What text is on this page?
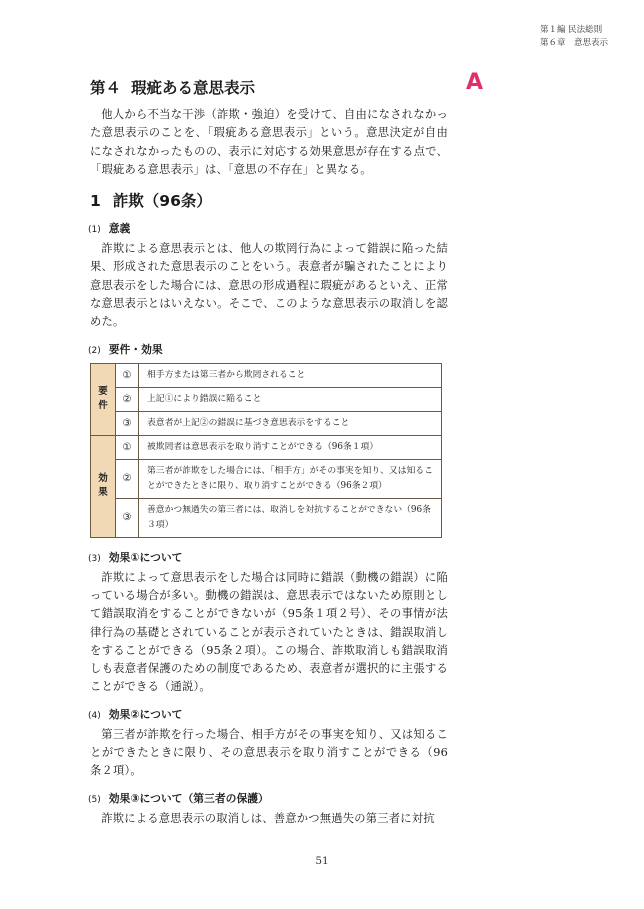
第１編 民法総則
第６章　意思表示
A
第４ 瑕疵ある意思表示

他人から不当な干渉（詐欺・強迫）を受けて、自由になされなかった意思表示のことを、「瑕疵ある意思表示」という。意思決定が自由になされなかったものの、表示に対応する効果意思が存在する点で、「瑕疵ある意思表示」は、「意思の不存在」と異なる。

1 詐欺（96条）
(1) 意義

詐欺による意思表示とは、他人の欺罔行為によって錯誤に陥った結果、形成された意思表示のことをいう。表意者が騙されたことにより意思表示をした場合には、意思の形成過程に瑕疵があるといえ、正常な意思表示とはいえない。そこで、このような意思表示の取消しを認めた。

(2) 要件・効果
要件	①	相手方または第三者から欺罔されること
	②	上記①により錯誤に陥ること
	③	表意者が上記②の錯誤に基づき意思表示をすること

効果	①	被欺罔者は意思表示を取り消すことができる（96条１項）
	②	第三者が詐欺をした場合には、「相手方」がその事実を知り、又は知ることができたときに限り、取り消すことができる（96条２項）
	③	善意かつ無過失の第三者には、取消しを対抗することができない（96条３項）
(3) 効果①について

詐欺によって意思表示をした場合は同時に錯誤（動機の錯誤）に陥っている場合が多い。動機の錯誤は、意思表示ではないため原則として錯誤取消をすることができないが（95条１項２号）、その事情が法律行為の基礎とされていることが表示されていたときは、錯誤取消しをすることができる（95条２項）。この場合、詐欺取消しも錯誤取消しも表意者保護のための制度であるため、表意者が選択的に主張することができる（通説）。

(4) 効果②について

第三者が詐欺を行った場合、相手方がその事実を知り、又は知ることができたときに限り、その意思表示を取り消すことができる（96条２項）。

(5) 効果③について（第三者の保護）

詐欺による意思表示の取消しは、善意かつ無過失の第三者に対抗

51
